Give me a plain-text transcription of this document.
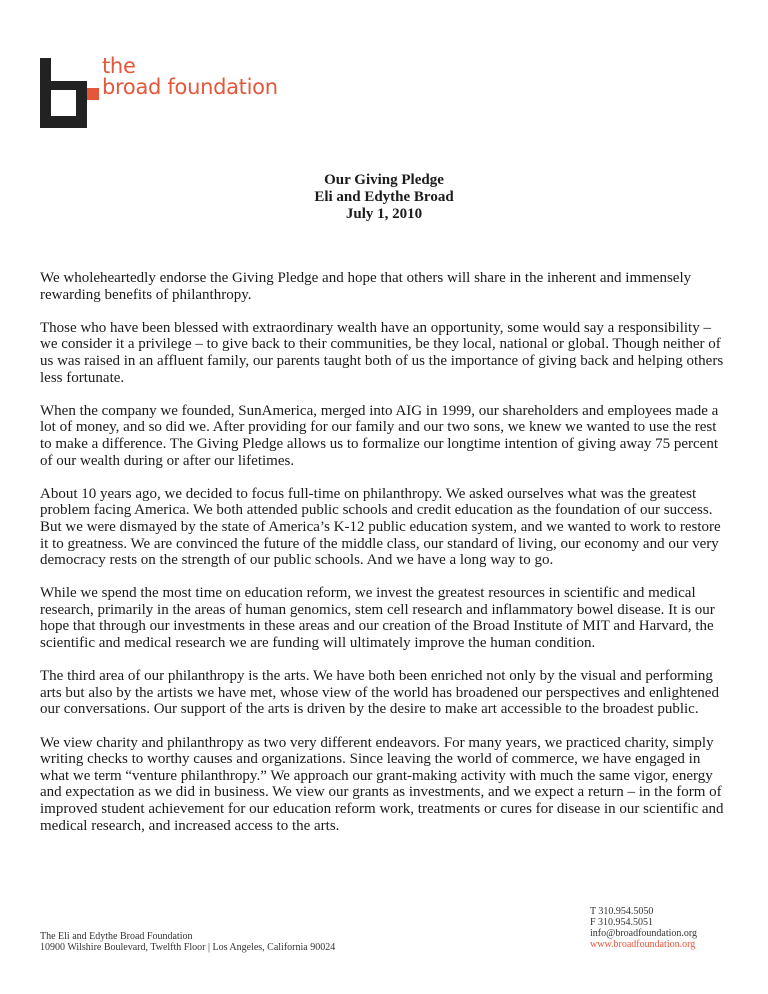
the
broad foundation
Our Giving Pledge
Eli and Edythe Broad
July 1, 2010

We wholeheartedly endorse the Giving Pledge and hope that others will share in the inherent and immensely rewarding benefits of philanthropy.

Those who have been blessed with extraordinary wealth have an opportunity, some would say a responsibility – we consider it a privilege – to give back to their communities, be they local, national or global. Though neither of us was raised in an affluent family, our parents taught both of us the importance of giving back and helping others less fortunate.

When the company we founded, SunAmerica, merged into AIG in 1999, our shareholders and employees made a lot of money, and so did we. After providing for our family and our two sons, we knew we wanted to use the rest to make a difference. The Giving Pledge allows us to formalize our longtime intention of giving away 75 percent of our wealth during or after our lifetimes.

About 10 years ago, we decided to focus full-time on philanthropy. We asked ourselves what was the greatest problem facing America. We both attended public schools and credit education as the foundation of our success. But we were dismayed by the state of America’s K-12 public education system, and we wanted to work to restore it to greatness. We are convinced the future of the middle class, our standard of living, our economy and our very democracy rests on the strength of our public schools. And we have a long way to go.

While we spend the most time on education reform, we invest the greatest resources in scientific and medical research, primarily in the areas of human genomics, stem cell research and inflammatory bowel disease. It is our hope that through our investments in these areas and our creation of the Broad Institute of MIT and Harvard, the scientific and medical research we are funding will ultimately improve the human condition.

The third area of our philanthropy is the arts. We have both been enriched not only by the visual and performing arts but also by the artists we have met, whose view of the world has broadened our perspectives and enlightened our conversations. Our support of the arts is driven by the desire to make art accessible to the broadest public.

We view charity and philanthropy as two very different endeavors. For many years, we practiced charity, simply writing checks to worthy causes and organizations. Since leaving the world of commerce, we have engaged in what we term “venture philanthropy.” We approach our grant-making activity with much the same vigor, energy and expectation as we did in business. We view our grants as investments, and we expect a return – in the form of improved student achievement for our education reform work, treatments or cures for disease in our scientific and medical research, and increased access to the arts.

The Eli and Edythe Broad Foundation
10900 Wilshire Boulevard, Twelfth Floor | Los Angeles, California 90024
T 310.954.5050
F 310.954.5051
info@broadfoundation.org
www.broadfoundation.org
